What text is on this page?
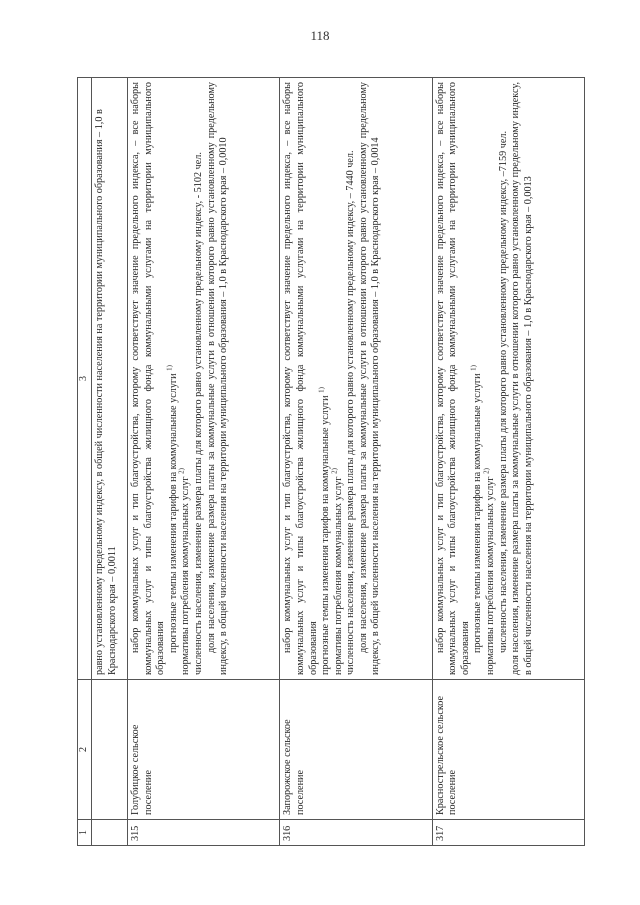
118
1	2	3
		равно установленному предельному индексу, в общей численности населения на территории муниципального образования – 1,0 в Краснодарского края – 0,0011
315	Голубицкое сельское поселение	набор коммунальных услуг и тип благоустройства, которому соответствует значение предельного индекса, – все наборы коммунальных услуг и типы благоустройства жилищного фонда коммунальными услугами на территории муниципального образования прогнозные темпы изменения тарифов на коммунальные услуги $^{1)}$

нормативы потребления коммунальных услуг $^{2)}$ численность населения, изменение размера платы для которого равно установленному предельному индексу, - 5102 чел. доля населения, изменение размера платы за коммунальные услуги в отношении которого равно установленному предельному индексу, в общей численности населения на территории муниципального образования – 1,0 в Краснодарского края – 0,0010

316	Запорожское сельское поселение	набор коммунальных услуг и тип благоустройства, которому соответствует значение предельного индекса, – все наборы коммунальных услуг и типы благоустройства жилищного фонда коммунальными услугами на территории муниципального образования прогнозные темпы изменения тарифов на коммунальные услуги $^{1)}$

нормативы потребления коммунальных услуг $^{2)}$ численность населения, изменение размера платы для которого равно установленному предельному индексу, – 7440 чел. доля населения, изменение размера платы за коммунальные услуги в отношении которого равно установленному предельному индексу, в общей численности населения на территории муниципального образования – 1,0 в Краснодарского края – 0,0014

317	Краснострельское сельское поселение	набор коммунальных услуг и тип благоустройства, которому соответствует значение предельного индекса, – все наборы коммунальных услуг и типы благоустройства жилищного фонда коммунальными услугами на территории муниципального образования прогнозные темпы изменения тарифов на коммунальные услуги $^{1)}$

нормативы потребления коммунальных услуг $^{2)}$ численность населения, изменение размера платы для которого равно установленному предельному индексу, –7159 чел. доля населения, изменение размера платы за коммунальные услуги в отношении которого равно установленному предельному индексу, в общей численности населения на территории муниципального образования – 1,0 в Краснодарского края – 0,0013
